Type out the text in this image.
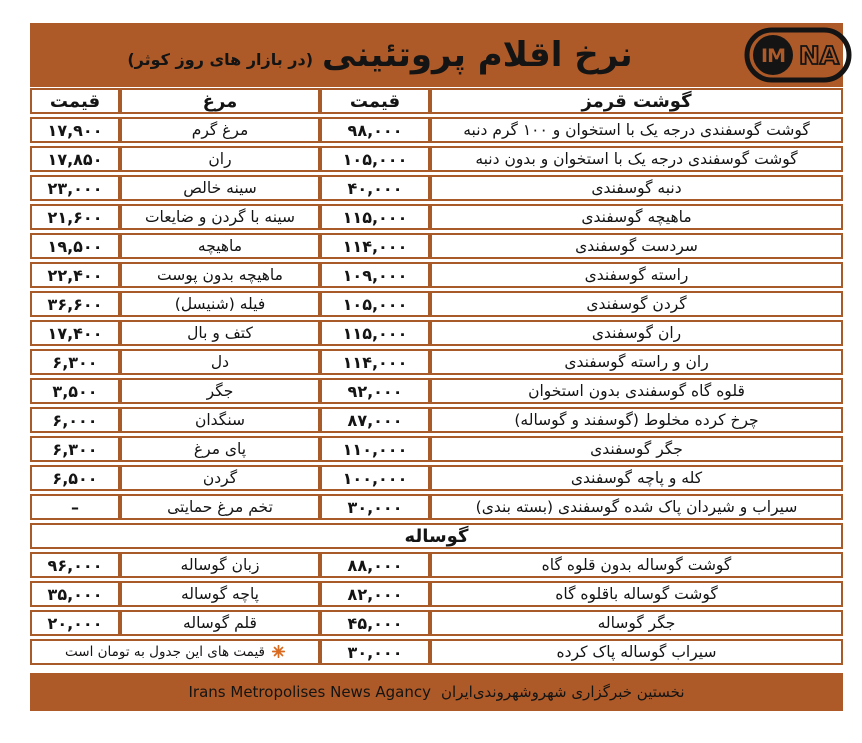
نرخ اقلام پروتئینی
(در بازار های روز کوثر)	IM NA
گوشت قرمز	قیمت	مرغ	قیمت
گوشت گوسفندی درجه یک با استخوان و ۱۰۰ گرم دنبه	۹۸,۰۰۰	مرغ گرم	۱۷,۹۰۰
گوشت گوسفندی درجه یک با استخوان و بدون دنبه	۱۰۵,۰۰۰	ران	۱۷,۸۵۰
دنبه گوسفندی	۴۰,۰۰۰	سینه خالص	۲۳,۰۰۰
ماهیچه گوسفندی	۱۱۵,۰۰۰	سینه با گردن و ضایعات	۲۱,۶۰۰
سردست گوسفندی	۱۱۴,۰۰۰	ماهیچه	۱۹,۵۰۰
راسته گوسفندی	۱۰۹,۰۰۰	ماهیچه بدون پوست	۲۲,۴۰۰
گردن گوسفندی	۱۰۵,۰۰۰	فیله (شنیسل)	۳۶,۶۰۰
ران گوسفندی	۱۱۵,۰۰۰	کتف و بال	۱۷,۴۰۰
ران و راسته گوسفندی	۱۱۴,۰۰۰	دل	۶,۳۰۰
قلوه گاه گوسفندی بدون استخوان	۹۲,۰۰۰	جگر	۳,۵۰۰
چرخ کرده مخلوط (گوسفند و گوساله)	۸۷,۰۰۰	سنگدان	۶,۰۰۰
جگر گوسفندی	۱۱۰,۰۰۰	پای مرغ	۶,۳۰۰
کله و پاچه گوسفندی	۱۰۰,۰۰۰	گردن	۶,۵۰۰
سیراب و شیردان پاک شده گوسفندی (بسته بندی)	۳۰,۰۰۰	تخم مرغ حمایتی	–
گوساله			
گوشت گوساله بدون قلوه گاه	۸۸,۰۰۰	زبان گوساله	۹۶,۰۰۰
گوشت گوساله باقلوه گاه	۸۲,۰۰۰	پاچه گوساله	۳۵,۰۰۰
جگر گوساله	۴۵,۰۰۰	قلم گوساله	۲۰,۰۰۰
سیراب گوساله پاک کرده	۳۰,۰۰۰	قیمت های این جدول به تومان است	
نخستین خبرگزاری شهروشهروندی‌ایران
Irans Metropolises News Agancy
